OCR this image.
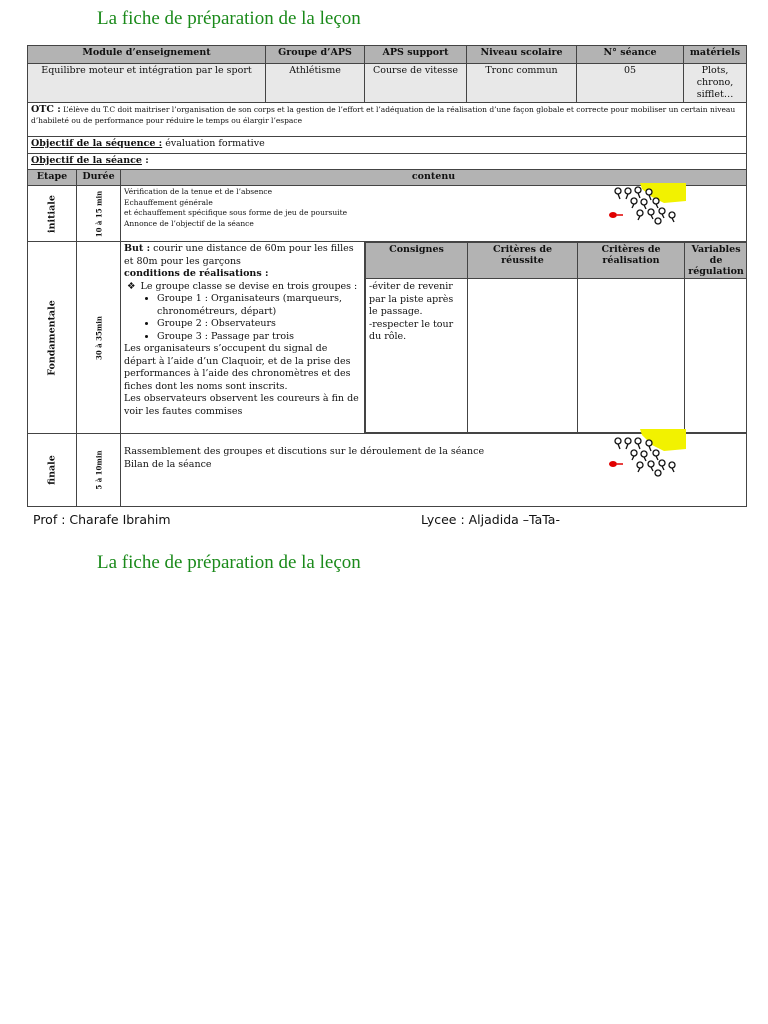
La fiche de préparation de la leçon
Module d’enseignement	Groupe d’APS	APS support	Niveau scolaire	N° séance	matériels
Equilibre moteur et intégration par le sport	Athlétisme	Course de vitesse	Tronc commun	05	Plots, chrono, sifflet…
OTC : L’élève du T.C doit maitriser l’organisation de son corps et la gestion de l’effort et l’adéquation de la réalisation d’une façon globale et correcte pour mobiliser un certain niveau d’habileté ou de performance pour réduire le temps ou élargir l’espace
Objectif de la séquence : évaluation formative
Objectif de la séance :
Etape	Durée	contenu

initiale	10 à 15 min	Vérification de la tenue et de l’absence
Echauffement générale
et échauffement spécifique sous forme de jeu de poursuite
Annonce de l’objectif de la séance

Fondamentale	30 à 35min

But : courir une distance de 60m pour les filles et 80m pour les garçons
conditions de réalisations :
❖ Le groupe classe se devise en trois groupes :
• Groupe 1 : Organisateurs (marqueurs, chronométreurs, départ)
• Groupe 2 : Observateurs
• Groupe 3 : Passage par trois
Les organisateurs s’occupent du signal de départ à l’aide d’un Claquoir, et de la prise des performances à l’aide des chronomètres et des fiches dont les noms sont inscrits.
Les observateurs observent les coureurs à fin de voir les fautes commises

Consignes	Critères de réussite	Critères de réalisation	Variables de régulation

-éviter de revenir par la piste après le passage.
-respecter le tour du rôle.

finale	5 à 10min	Rassemblement des groupes et discutions sur le déroulement de la séance
Bilan de la séance
Prof : Charafe Ibrahim	Lycee : Aljadida –TaTa-
La fiche de préparation de la leçon
